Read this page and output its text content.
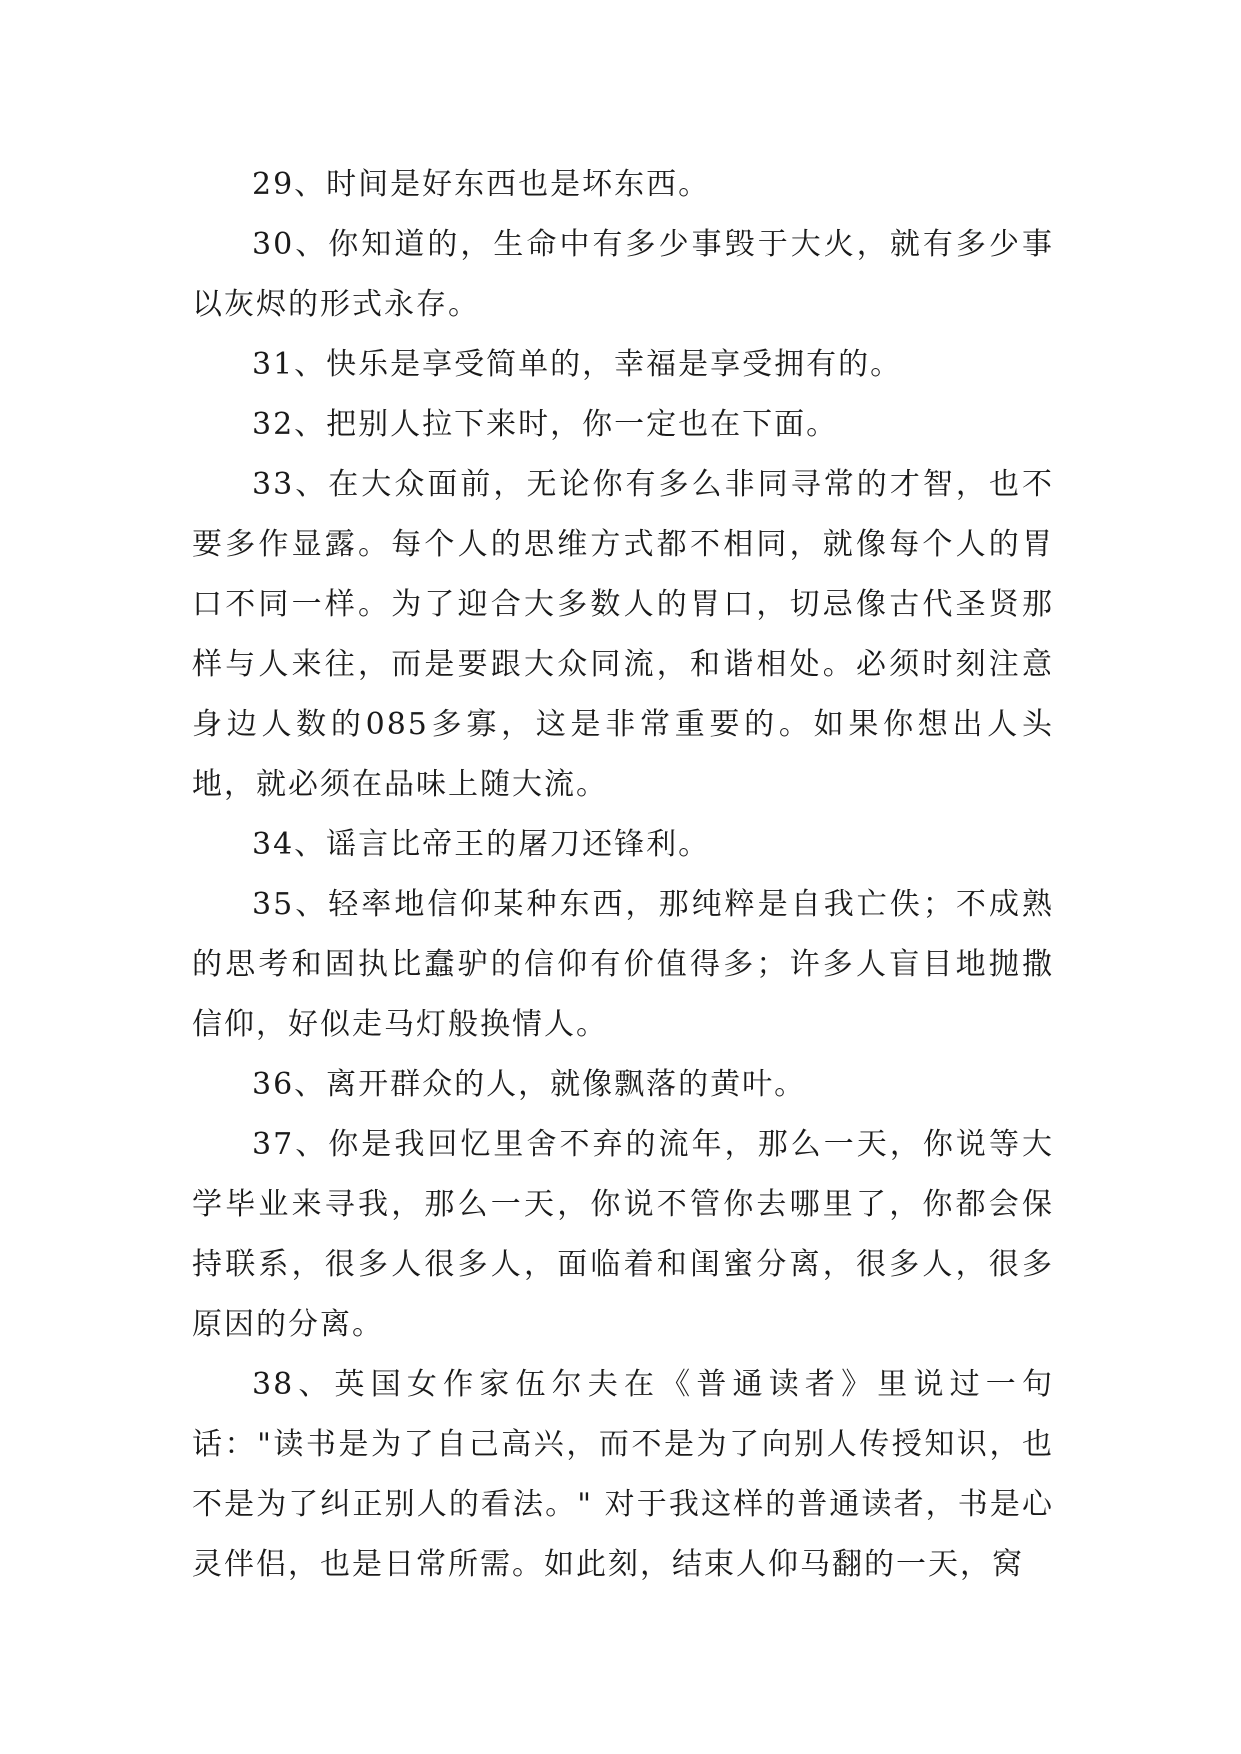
29、时间是好东西也是坏东西。

30、你知道的，生命中有多少事毁于大火，就有多少事以灰烬的形式永存。

31、快乐是享受简单的，幸福是享受拥有的。

32、把别人拉下来时，你一定也在下面。

33、在大众面前，无论你有多么非同寻常的才智，也不要多作显露。每个人的思维方式都不相同，就像每个人的胃口不同一样。为了迎合大多数人的胃口，切忌像古代圣贤那样与人来往，而是要跟大众同流，和谐相处。必须时刻注意身边人数的085多寡，这是非常重要的。如果你想出人头地，就必须在品味上随大流。

34、谣言比帝王的屠刀还锋利。

35、轻率地信仰某种东西，那纯粹是自我亡佚；不成熟的思考和固执比蠢驴的信仰有价值得多；许多人盲目地抛撒信仰，好似走马灯般换情人。

36、离开群众的人，就像飘落的黄叶。

37、你是我回忆里舍不弃的流年，那么一天，你说等大学毕业来寻我，那么一天，你说不管你去哪里了，你都会保持联系，很多人很多人，面临着和闺蜜分离，很多人，很多原因的分离。

38、英国女作家伍尔夫在《普通读者》里说过一句话："读书是为了自己高兴，而不是为了向别人传授知识，也不是为了纠正别人的看法。" 对于我这样的普通读者，书是心灵伴侣，也是日常所需。如此刻，结束人仰马翻的一天，窝
